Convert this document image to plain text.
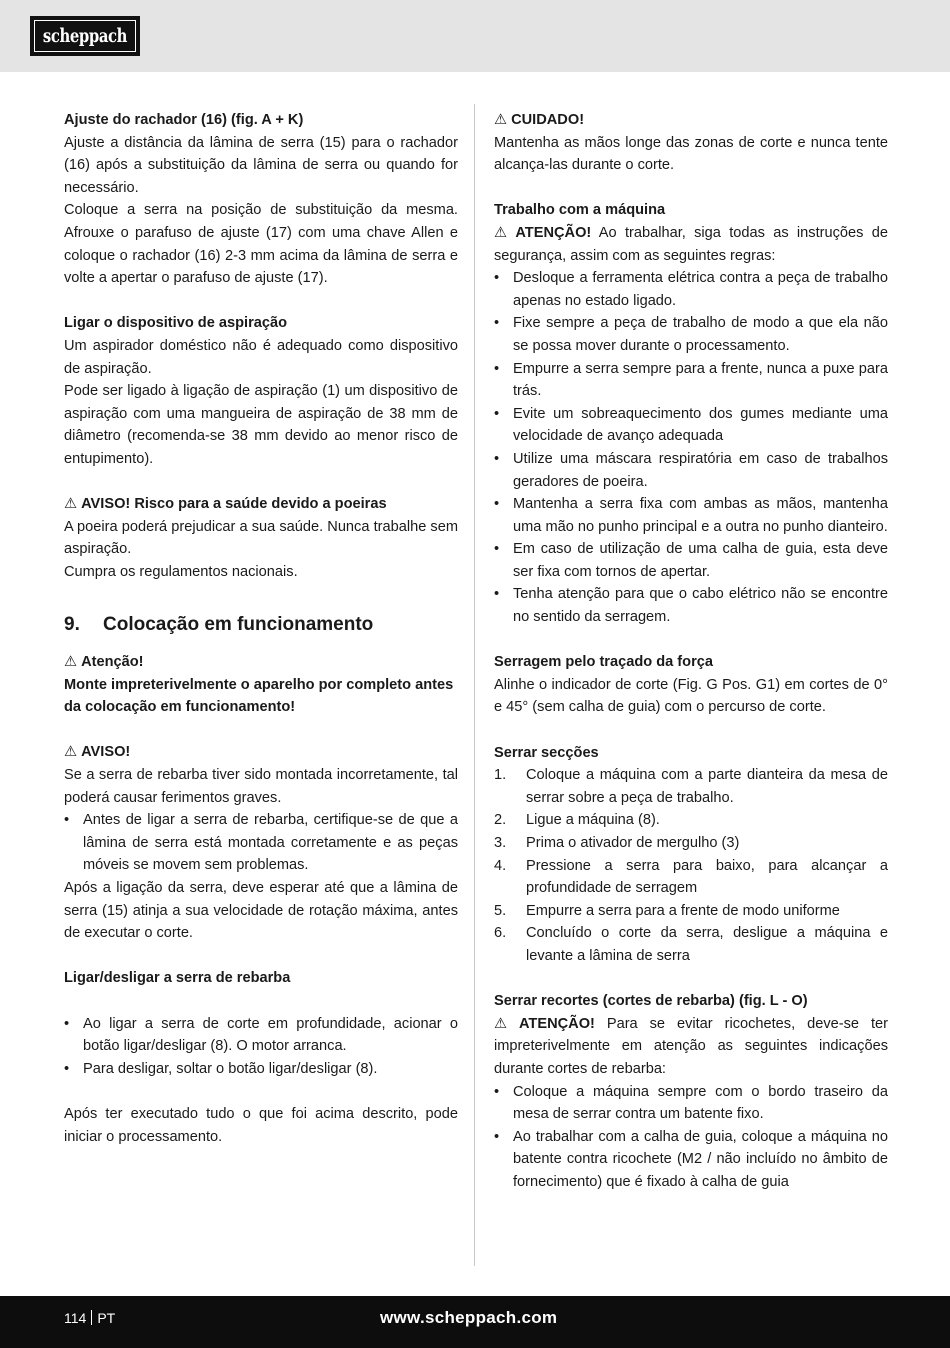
scheppach

Ajuste do rachador (16) (fig. A + K)

Ajuste a distância da lâmina de serra (15) para o rachador (16) após a substituição da lâmina de serra ou quando for necessário.

Coloque a serra na posição de substituição da mesma. Afrouxe o parafuso de ajuste (17) com uma chave Allen e coloque o rachador (16) 2-3 mm acima da lâmina de serra e volte a apertar o parafuso de ajuste (17).

Ligar o dispositivo de aspiração

Um aspirador doméstico não é adequado como dispositivo de aspiração.

Pode ser ligado à ligação de aspiração (1) um dispositivo de aspiração com uma mangueira de aspiração de 38 mm de diâmetro (recomenda-se 38 mm devido ao menor risco de entupimento).

⚠ AVISO! Risco para a saúde devido a poeiras

A poeira poderá prejudicar a sua saúde. Nunca trabalhe sem aspiração.

Cumpra os regulamentos nacionais.

9.	Colocação em funcionamento

⚠ Atenção!

Monte impreterivelmente o aparelho por completo antes da colocação em funcionamento!

⚠ AVISO!

Se a serra de rebarba tiver sido montada incorretamente, tal poderá causar ferimentos graves.

• Antes de ligar a serra de rebarba, certifique-se de que a lâmina de serra está montada corretamente e as peças móveis se movem sem problemas.

Após a ligação da serra, deve esperar até que a lâmina de serra (15) atinja a sua velocidade de rotação máxima, antes de executar o corte.

Ligar/desligar a serra de rebarba

• Ao ligar a serra de corte em profundidade, acionar o botão ligar/desligar (8). O motor arranca.
• Para desligar, soltar o botão ligar/desligar (8).

Após ter executado tudo o que foi acima descrito, pode iniciar o processamento.

⚠ CUIDADO!

Mantenha as mãos longe das zonas de corte e nunca tente alcança-las durante o corte.

Trabalho com a máquina

⚠ ATENÇÃO! Ao trabalhar, siga todas as instruções de segurança, assim com as seguintes regras:

• Desloque a ferramenta elétrica contra a peça de trabalho apenas no estado ligado.
• Fixe sempre a peça de trabalho de modo a que ela não se possa mover durante o processamento.
• Empurre a serra sempre para a frente, nunca a puxe para trás.
• Evite um sobreaquecimento dos gumes mediante uma velocidade de avanço adequada
• Utilize uma máscara respiratória em caso de trabalhos geradores de poeira.
• Mantenha a serra fixa com ambas as mãos, mantenha uma mão no punho principal e a outra no punho dianteiro.
• Em caso de utilização de uma calha de guia, esta deve ser fixa com tornos de apertar.
• Tenha atenção para que o cabo elétrico não se encontre no sentido da serragem.

Serragem pelo traçado da força

Alinhe o indicador de corte (Fig. G Pos. G1) em cortes de 0° e 45° (sem calha de guia) com o percurso de corte.

Serrar secções

1.	Coloque a máquina com a parte dianteira da mesa de serrar sobre a peça de trabalho.
2.	Ligue a máquina (8).
3.	Prima o ativador de mergulho (3)
4.	Pressione a serra para baixo, para alcançar a profundidade de serragem
5.	Empurre a serra para a frente de modo uniforme
6.	Concluído o corte da serra, desligue a máquina e levante a lâmina de serra

Serrar recortes (cortes de rebarba) (fig. L - O)

⚠ ATENÇÃO! Para se evitar ricochetes, deve-se ter impreterivelmente em atenção as seguintes indicações durante cortes de rebarba:

• Coloque a máquina sempre com o bordo traseiro da mesa de serrar contra um batente fixo.
• Ao trabalhar com a calha de guia, coloque a máquina no batente contra ricochete (M2 / não incluído no âmbito de fornecimento) que é fixado à calha de guia
114 PT	www.scheppach.com
